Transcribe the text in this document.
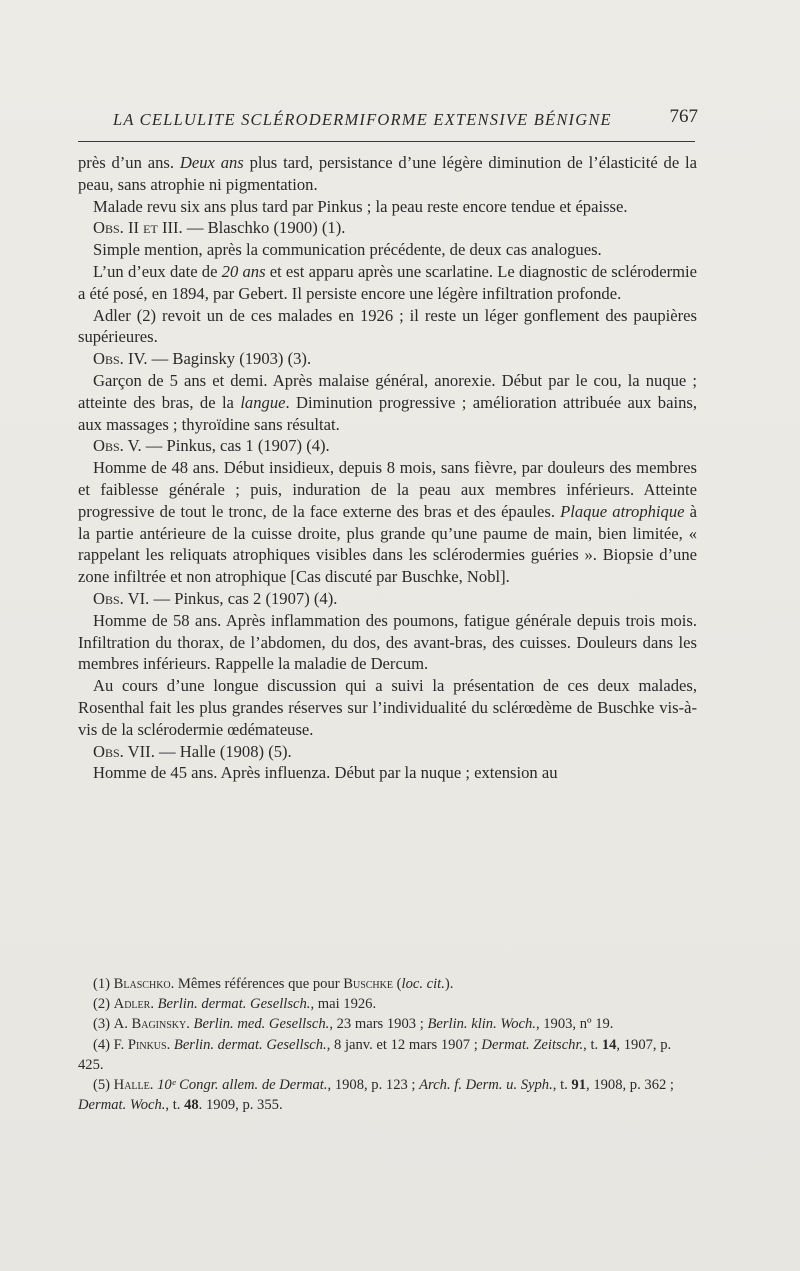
LA CELLULITE SCLÉRODERMIFORME EXTENSIVE BÉNIGNE	767

près d’un ans. Deux ans plus tard, persistance d’une légère diminution de l’élasticité de la peau, sans atrophie ni pigmentation.

Malade revu six ans plus tard par Pinkus ; la peau reste encore tendue et épaisse.

Obs. II et III. — Blaschko (1900) (1).

Simple mention, après la communication précédente, de deux cas analogues.

L’un d’eux date de 20 ans et est apparu après une scarlatine. Le diagnostic de sclérodermie a été posé, en 1894, par Gebert. Il persiste encore une légère infiltration profonde.

Adler (2) revoit un de ces malades en 1926 ; il reste un léger gonflement des paupières supérieures.

Obs. IV. — Baginsky (1903) (3).

Garçon de 5 ans et demi. Après malaise général, anorexie. Début par le cou, la nuque ; atteinte des bras, de la langue. Diminution progressive ; amélioration attribuée aux bains, aux massages ; thyroïdine sans résultat.

Obs. V. — Pinkus, cas 1 (1907) (4).

Homme de 48 ans. Début insidieux, depuis 8 mois, sans fièvre, par douleurs des membres et faiblesse générale ; puis, induration de la peau aux membres inférieurs. Atteinte progressive de tout le tronc, de la face externe des bras et des épaules. Plaque atrophique à la partie antérieure de la cuisse droite, plus grande qu’une paume de main, bien limitée, « rappelant les reliquats atrophiques visibles dans les sclérodermies guéries ». Biopsie d’une zone infiltrée et non atrophique [Cas discuté par Buschke, Nobl].

Obs. VI. — Pinkus, cas 2 (1907) (4).

Homme de 58 ans. Après inflammation des poumons, fatigue générale depuis trois mois. Infiltration du thorax, de l’abdomen, du dos, des avant-bras, des cuisses. Douleurs dans les membres inférieurs. Rappelle la maladie de Dercum.

Au cours d’une longue discussion qui a suivi la présentation de ces deux malades, Rosenthal fait les plus grandes réserves sur l’individualité du sclérœdème de Buschke vis-à-vis de la sclérodermie œdémateuse.

Obs. VII. — Halle (1908) (5).

Homme de 45 ans. Après influenza. Début par la nuque ; extension au

(1) Blaschko. Mêmes références que pour Buschke (loc. cit.).

(2) Adler. Berlin. dermat. Gesellsch., mai 1926.

(3) A. Baginsky. Berlin. med. Gesellsch., 23 mars 1903 ; Berlin. klin. Woch., 1903, nº 19.

(4) F. Pinkus. Berlin. dermat. Gesellsch., 8 janv. et 12 mars 1907 ; Dermat. Zeitschr., t. 14, 1907, p. 425.

(5) Halle. 10ᵉ Congr. allem. de Dermat., 1908, p. 123 ; Arch. f. Derm. u. Syph., t. 91, 1908, p. 362 ; Dermat. Woch., t. 48. 1909, p. 355.
